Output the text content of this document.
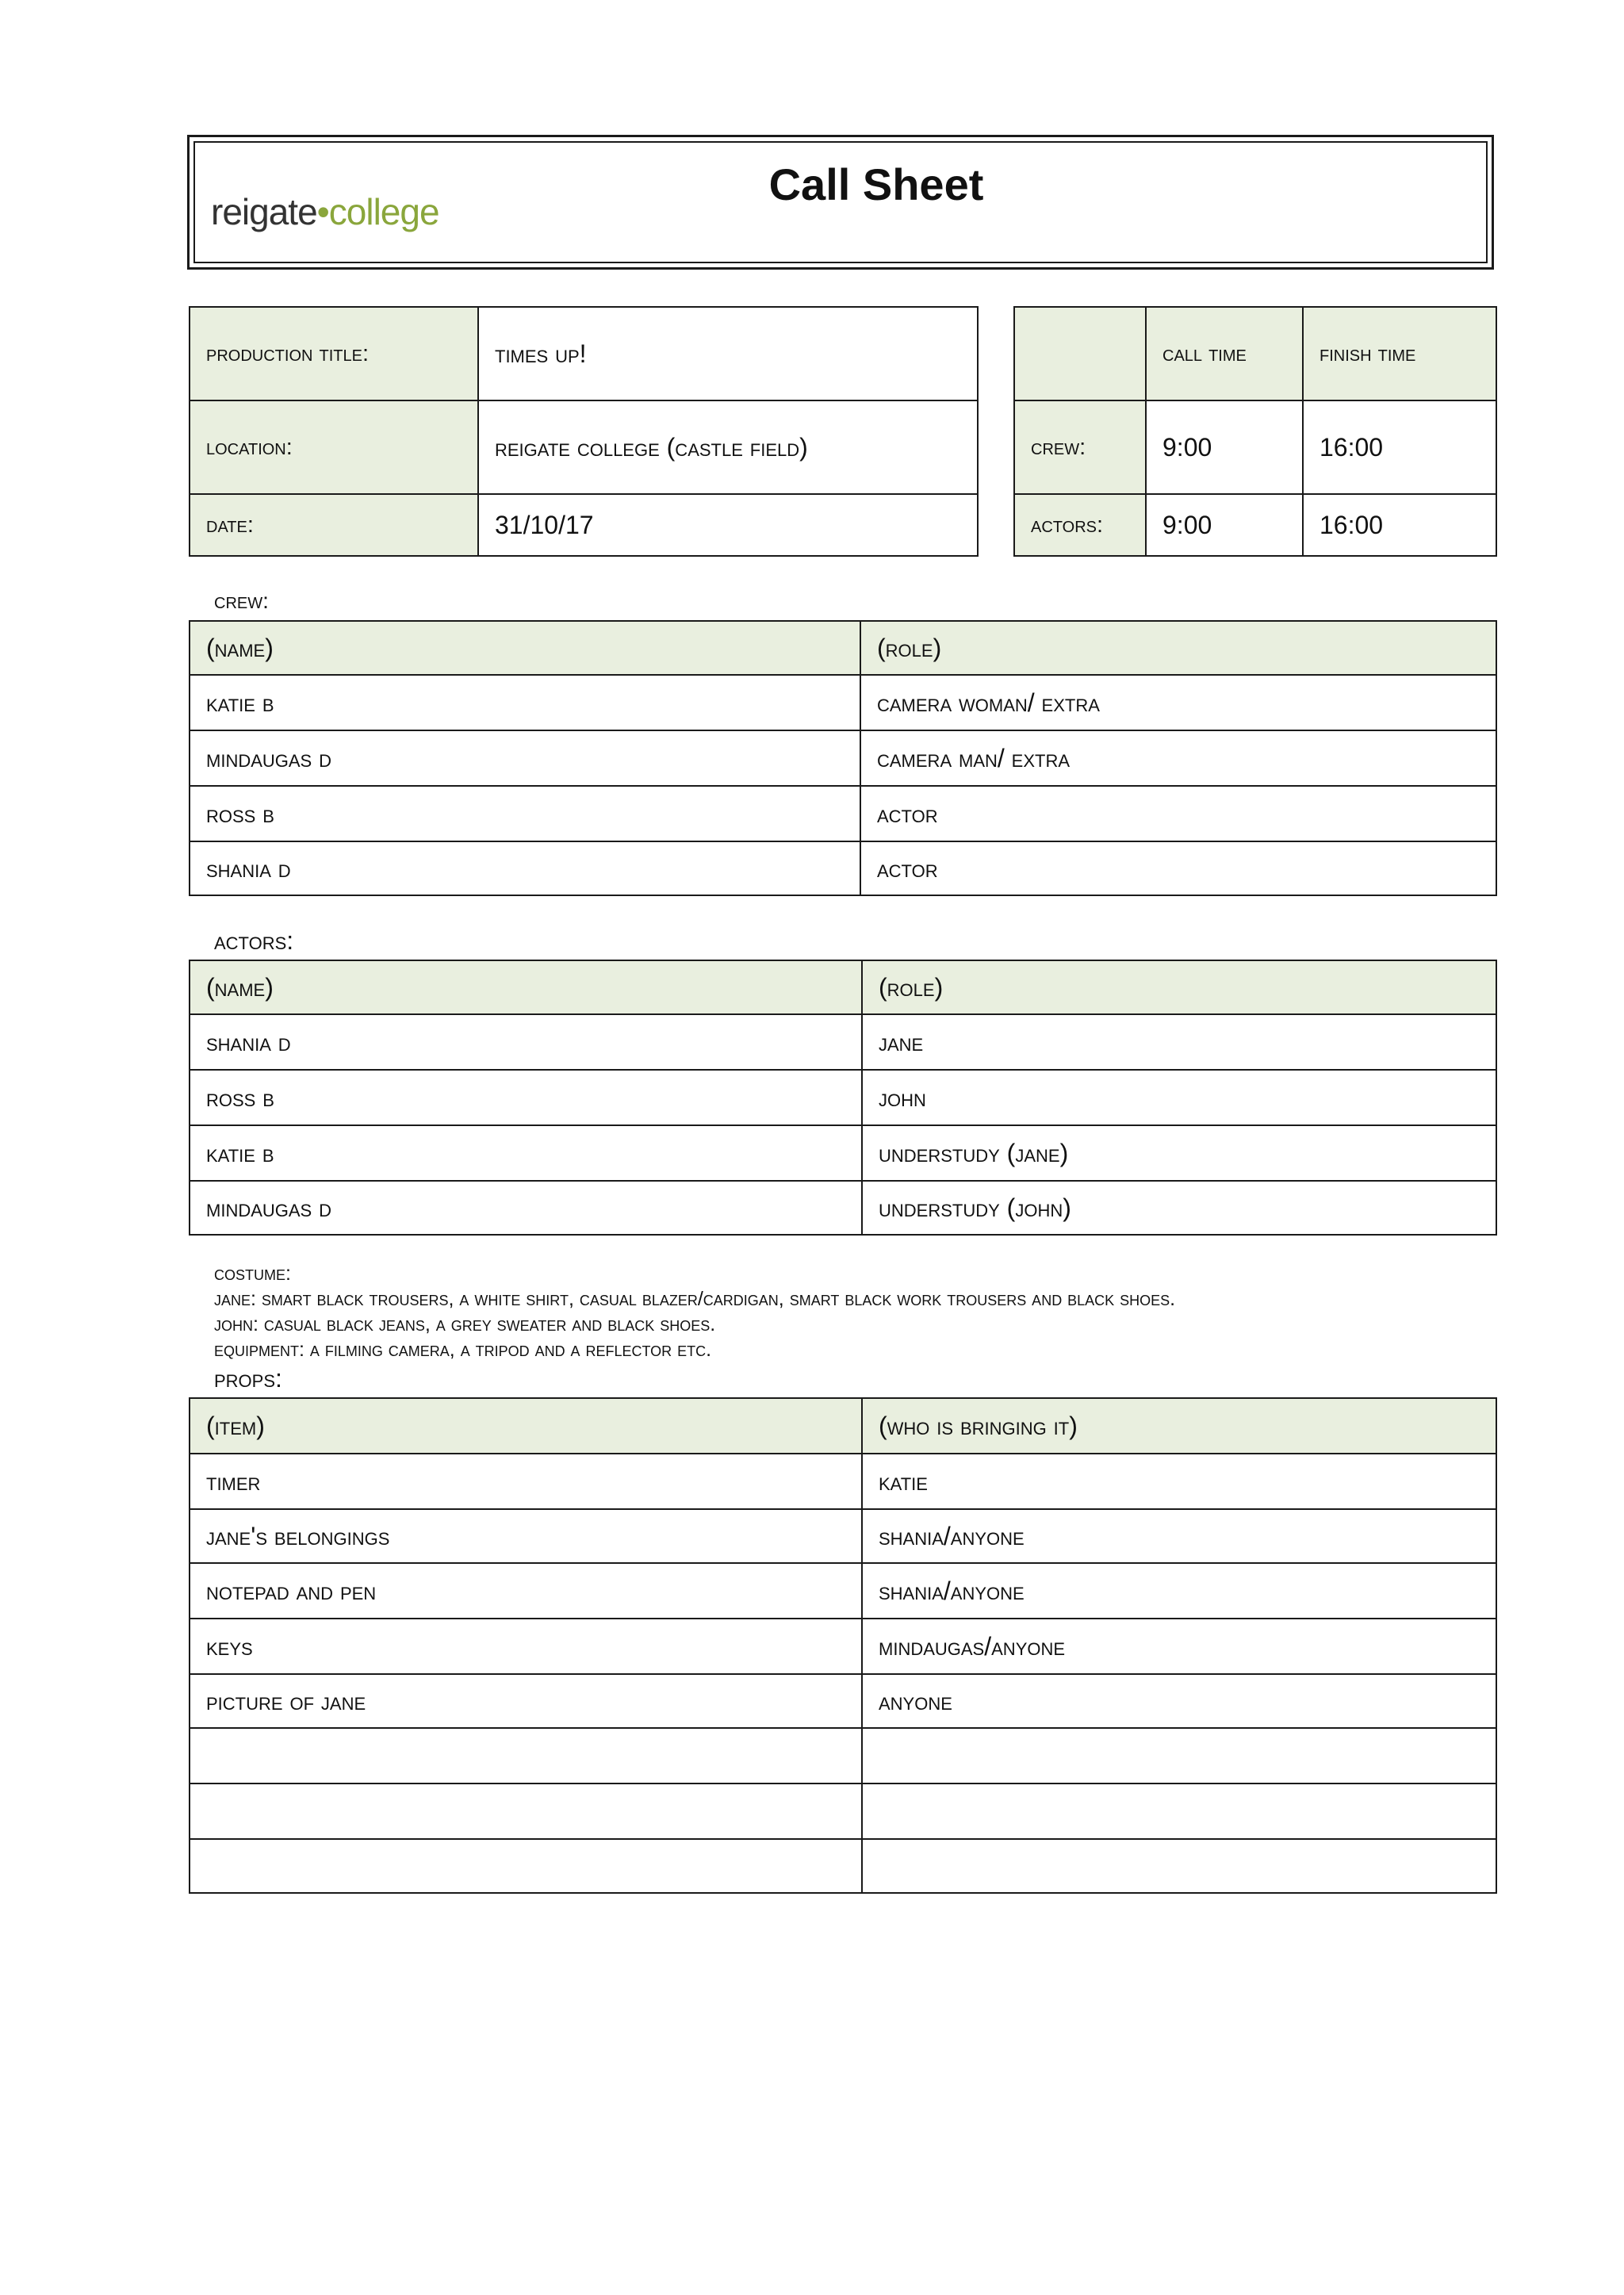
reigate•college
Call Sheet
production title:	times up!
location:	reigate college (castle field)
date:	31/10/17
	call time	finish time
crew:	9:00	16:00
actors:	9:00	16:00
crew:
(name)	(role)
katie b	camera woman/ extra
mindaugas d	camera man/ extra
ross b	actor
shania d	actor
actors:
(name)	(role)
shania d	jane
ross b	john
katie b	understudy (jane)
mindaugas d	understudy (john)
costume:
jane: smart black trousers, a white shirt, casual blazer/cardigan, smart black work trousers and black shoes.
john: casual black jeans, a grey sweater and black shoes.
equipment: a filming camera, a tripod and a reflector etc.
props:
(item)	(who is bringing it)
timer	katie
jane's belongings	shania/anyone
notepad and pen	shania/anyone
keys	mindaugas/anyone
picture of jane	anyone
